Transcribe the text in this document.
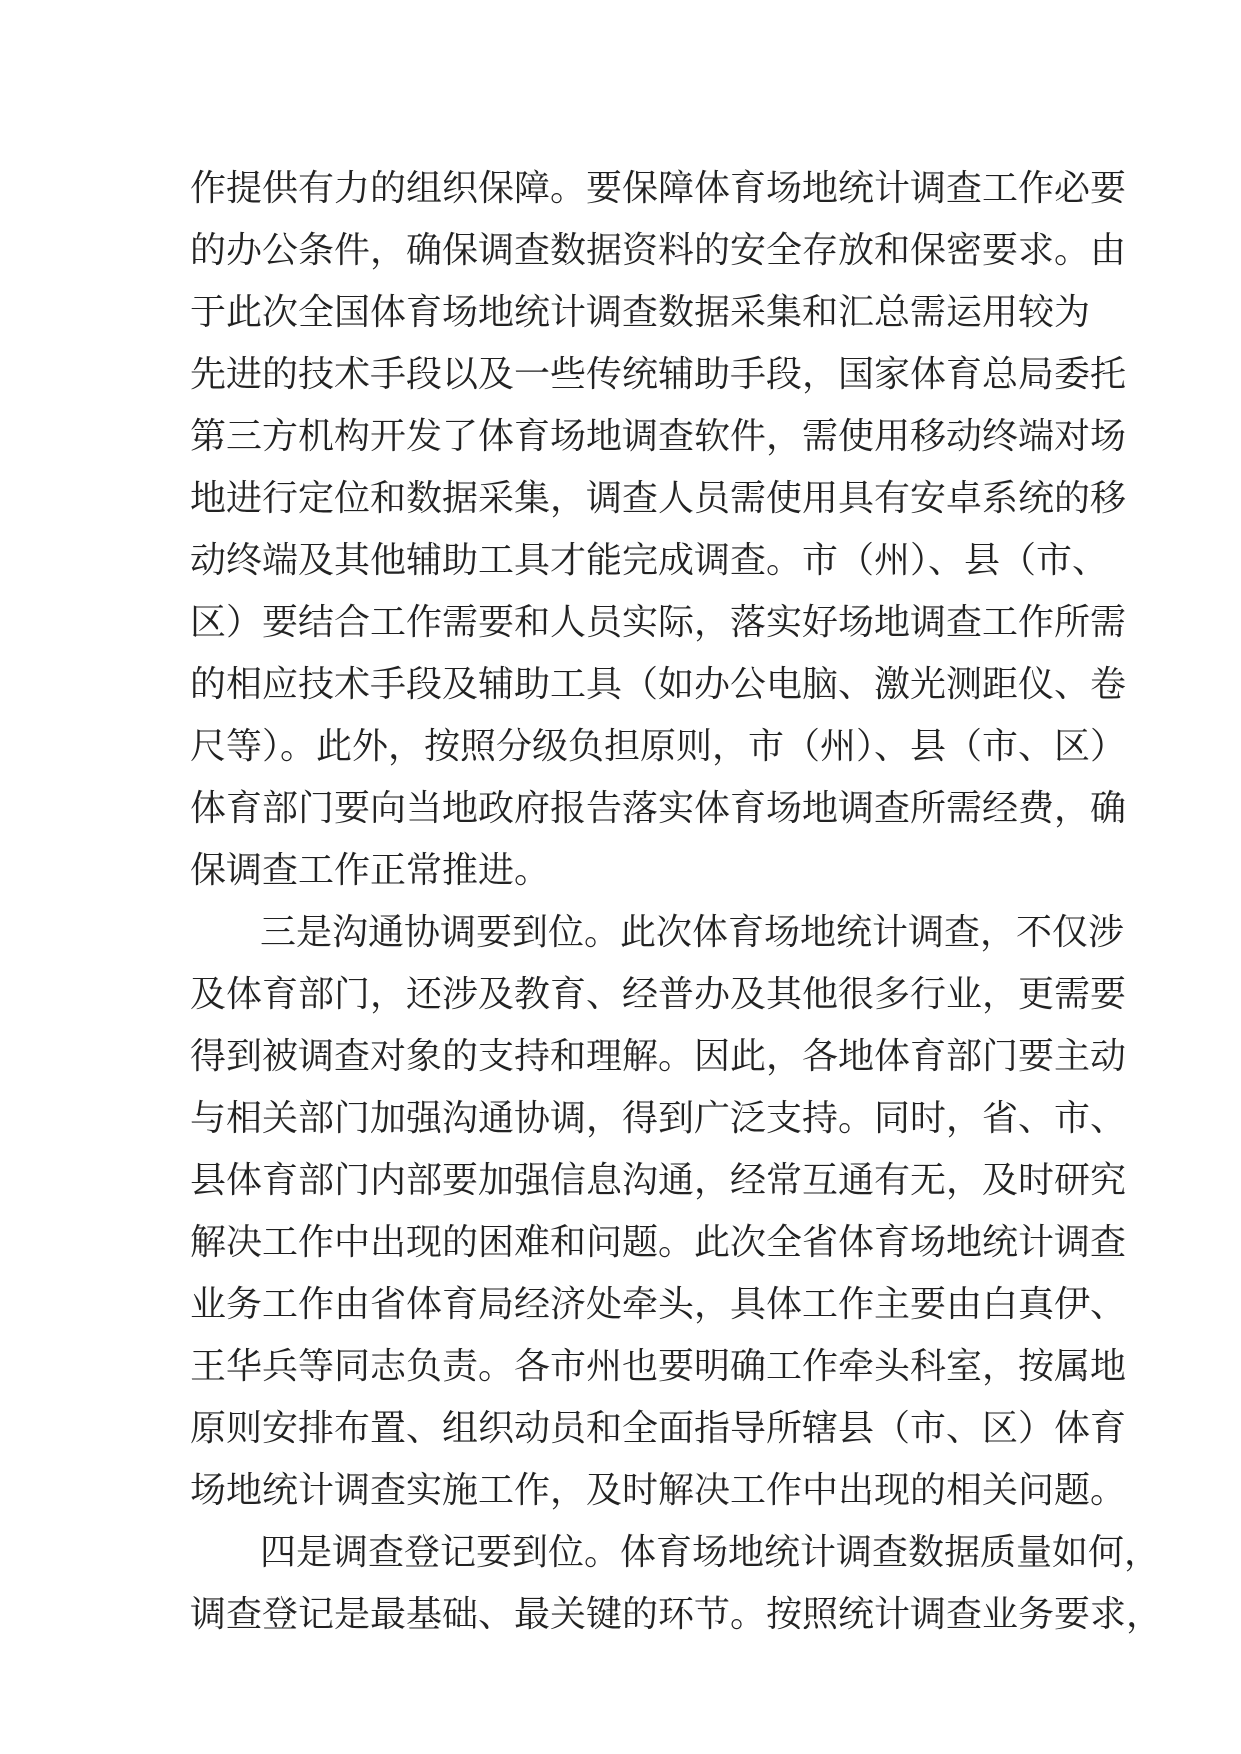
作提供有力的组织保障。要保障体育场地统计调查工作必要
的办公条件，确保调查数据资料的安全存放和保密要求。由
于此次全国体育场地统计调查数据采集和汇总需运用较为
先进的技术手段以及一些传统辅助手段，国家体育总局委托
第三方机构开发了体育场地调查软件，需使用移动终端对场
地进行定位和数据采集，调查人员需使用具有安卓系统的移
动终端及其他辅助工具才能完成调查。市（州）、县（市、
区）要结合工作需要和人员实际，落实好场地调查工作所需
的相应技术手段及辅助工具（如办公电脑、激光测距仪、卷
尺等）。此外，按照分级负担原则，市（州）、县（市、区）
体育部门要向当地政府报告落实体育场地调查所需经费，确
保调查工作正常推进。
三是沟通协调要到位。此次体育场地统计调查，不仅涉
及体育部门，还涉及教育、经普办及其他很多行业，更需要
得到被调查对象的支持和理解。因此，各地体育部门要主动
与相关部门加强沟通协调，得到广泛支持。同时，省、市、
县体育部门内部要加强信息沟通，经常互通有无，及时研究
解决工作中出现的困难和问题。此次全省体育场地统计调查
业务工作由省体育局经济处牵头，具体工作主要由白真伊、
王华兵等同志负责。各市州也要明确工作牵头科室，按属地
原则安排布置、组织动员和全面指导所辖县（市、区）体育
场地统计调查实施工作，及时解决工作中出现的相关问题。
四是调查登记要到位。体育场地统计调查数据质量如何，
调查登记是最基础、最关键的环节。按照统计调查业务要求，
